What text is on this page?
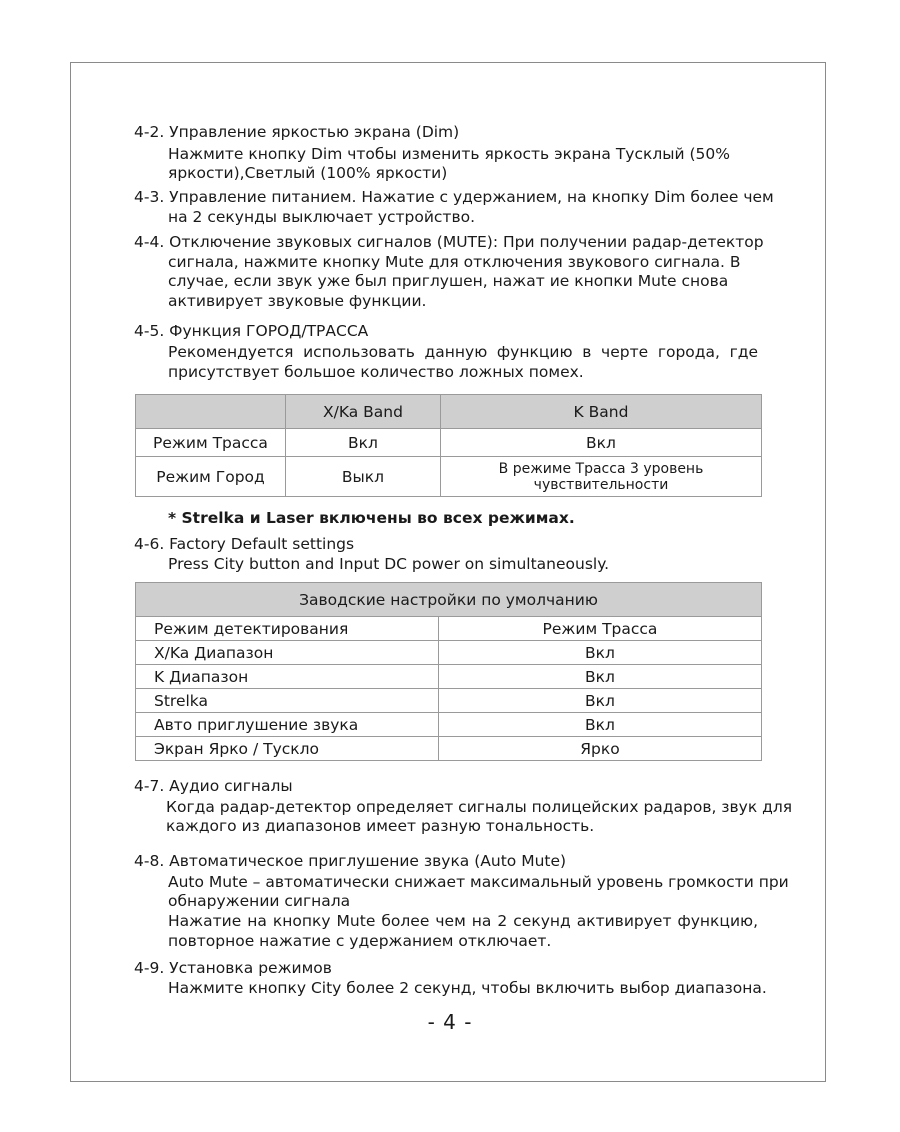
4-2. Управление яркостью экрана (Dim)
Нажмите кнопку Dim чтобы изменить яркость экрана Тусклый (50%
яркости),Светлый (100% яркости)
4-3. Управление питанием. Нажатие с удержанием, на кнопку Dim более чем
на 2 секунды выключает устройство.
4-4. Отключение звуковых сигналов (MUTE): При получении радар-детектор
сигнала, нажмите кнопку Mute для отключения звукового сигнала. В
случае, если звук уже был приглушен, нажат ие кнопки Mute снова
активирует звуковые функции.
4-5. Функция ГОРОД/ТРАССА
Рекомендуется использовать данную функцию в черте города, где
присутствует большое количество ложных помех.
	X/Ka Band	K Band
Режим Трасса	Вкл	Вкл
Режим Город	Выкл	В режиме Трасса 3 уровень
чувствительности
* Strelka и Laser включены во всех режимах.
4-6. Factory Default settings
Press City button and Input DC power on simultaneously.
Заводские настройки по умолчанию	
Режим детектирования	Режим Трасса
X/Ka Диапазон	Вкл
K Диапазон	Вкл
Strelka	Вкл
Авто приглушение звука	Вкл
Экран Ярко / Тускло	Ярко
4-7. Аудио сигналы
Когда радар-детектор определяет сигналы полицейских радаров, звук для
каждого из диапазонов имеет разную тональность.
4-8. Автоматическое приглушение звука (Auto Mute)
Auto Mute – автоматически снижает максимальный уровень громкости при
обнаружении сигнала
Нажатие на кнопку Mute более чем на 2 секунд активирует функцию,
повторное нажатие с удержанием отключает.
4-9. Установка режимов
Нажмите кнопку City более 2 секунд, чтобы включить выбор диапазона.
- 4 -
